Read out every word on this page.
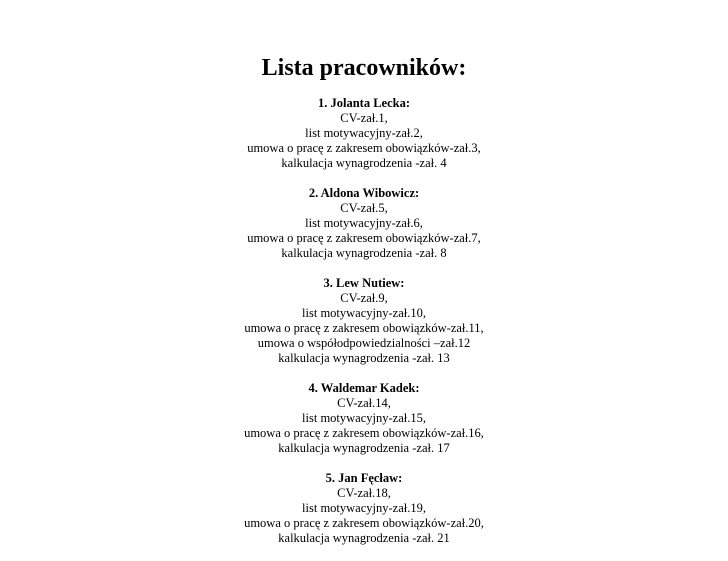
Lista pracowników:
1. Jolanta Lecka:
CV-zał.1,
list motywacyjny-zał.2,
umowa o pracę z zakresem obowiązków-zał.3,
kalkulacja wynagrodzenia -zał. 4
2. Aldona Wibowicz:
CV-zał.5,
list motywacyjny-zał.6,
umowa o pracę z zakresem obowiązków-zał.7,
kalkulacja wynagrodzenia -zał. 8
3. Lew Nutiew:
CV-zał.9,
list motywacyjny-zał.10,
umowa o pracę z zakresem obowiązków-zał.11,
umowa o współodpowiedzialności –zał.12
kalkulacja wynagrodzenia -zał. 13
4. Waldemar Kadek:
CV-zał.14,
list motywacyjny-zał.15,
umowa o pracę z zakresem obowiązków-zał.16,
kalkulacja wynagrodzenia -zał. 17
5. Jan Fęcław:
CV-zał.18,
list motywacyjny-zał.19,
umowa o pracę z zakresem obowiązków-zał.20,
kalkulacja wynagrodzenia -zał. 21
